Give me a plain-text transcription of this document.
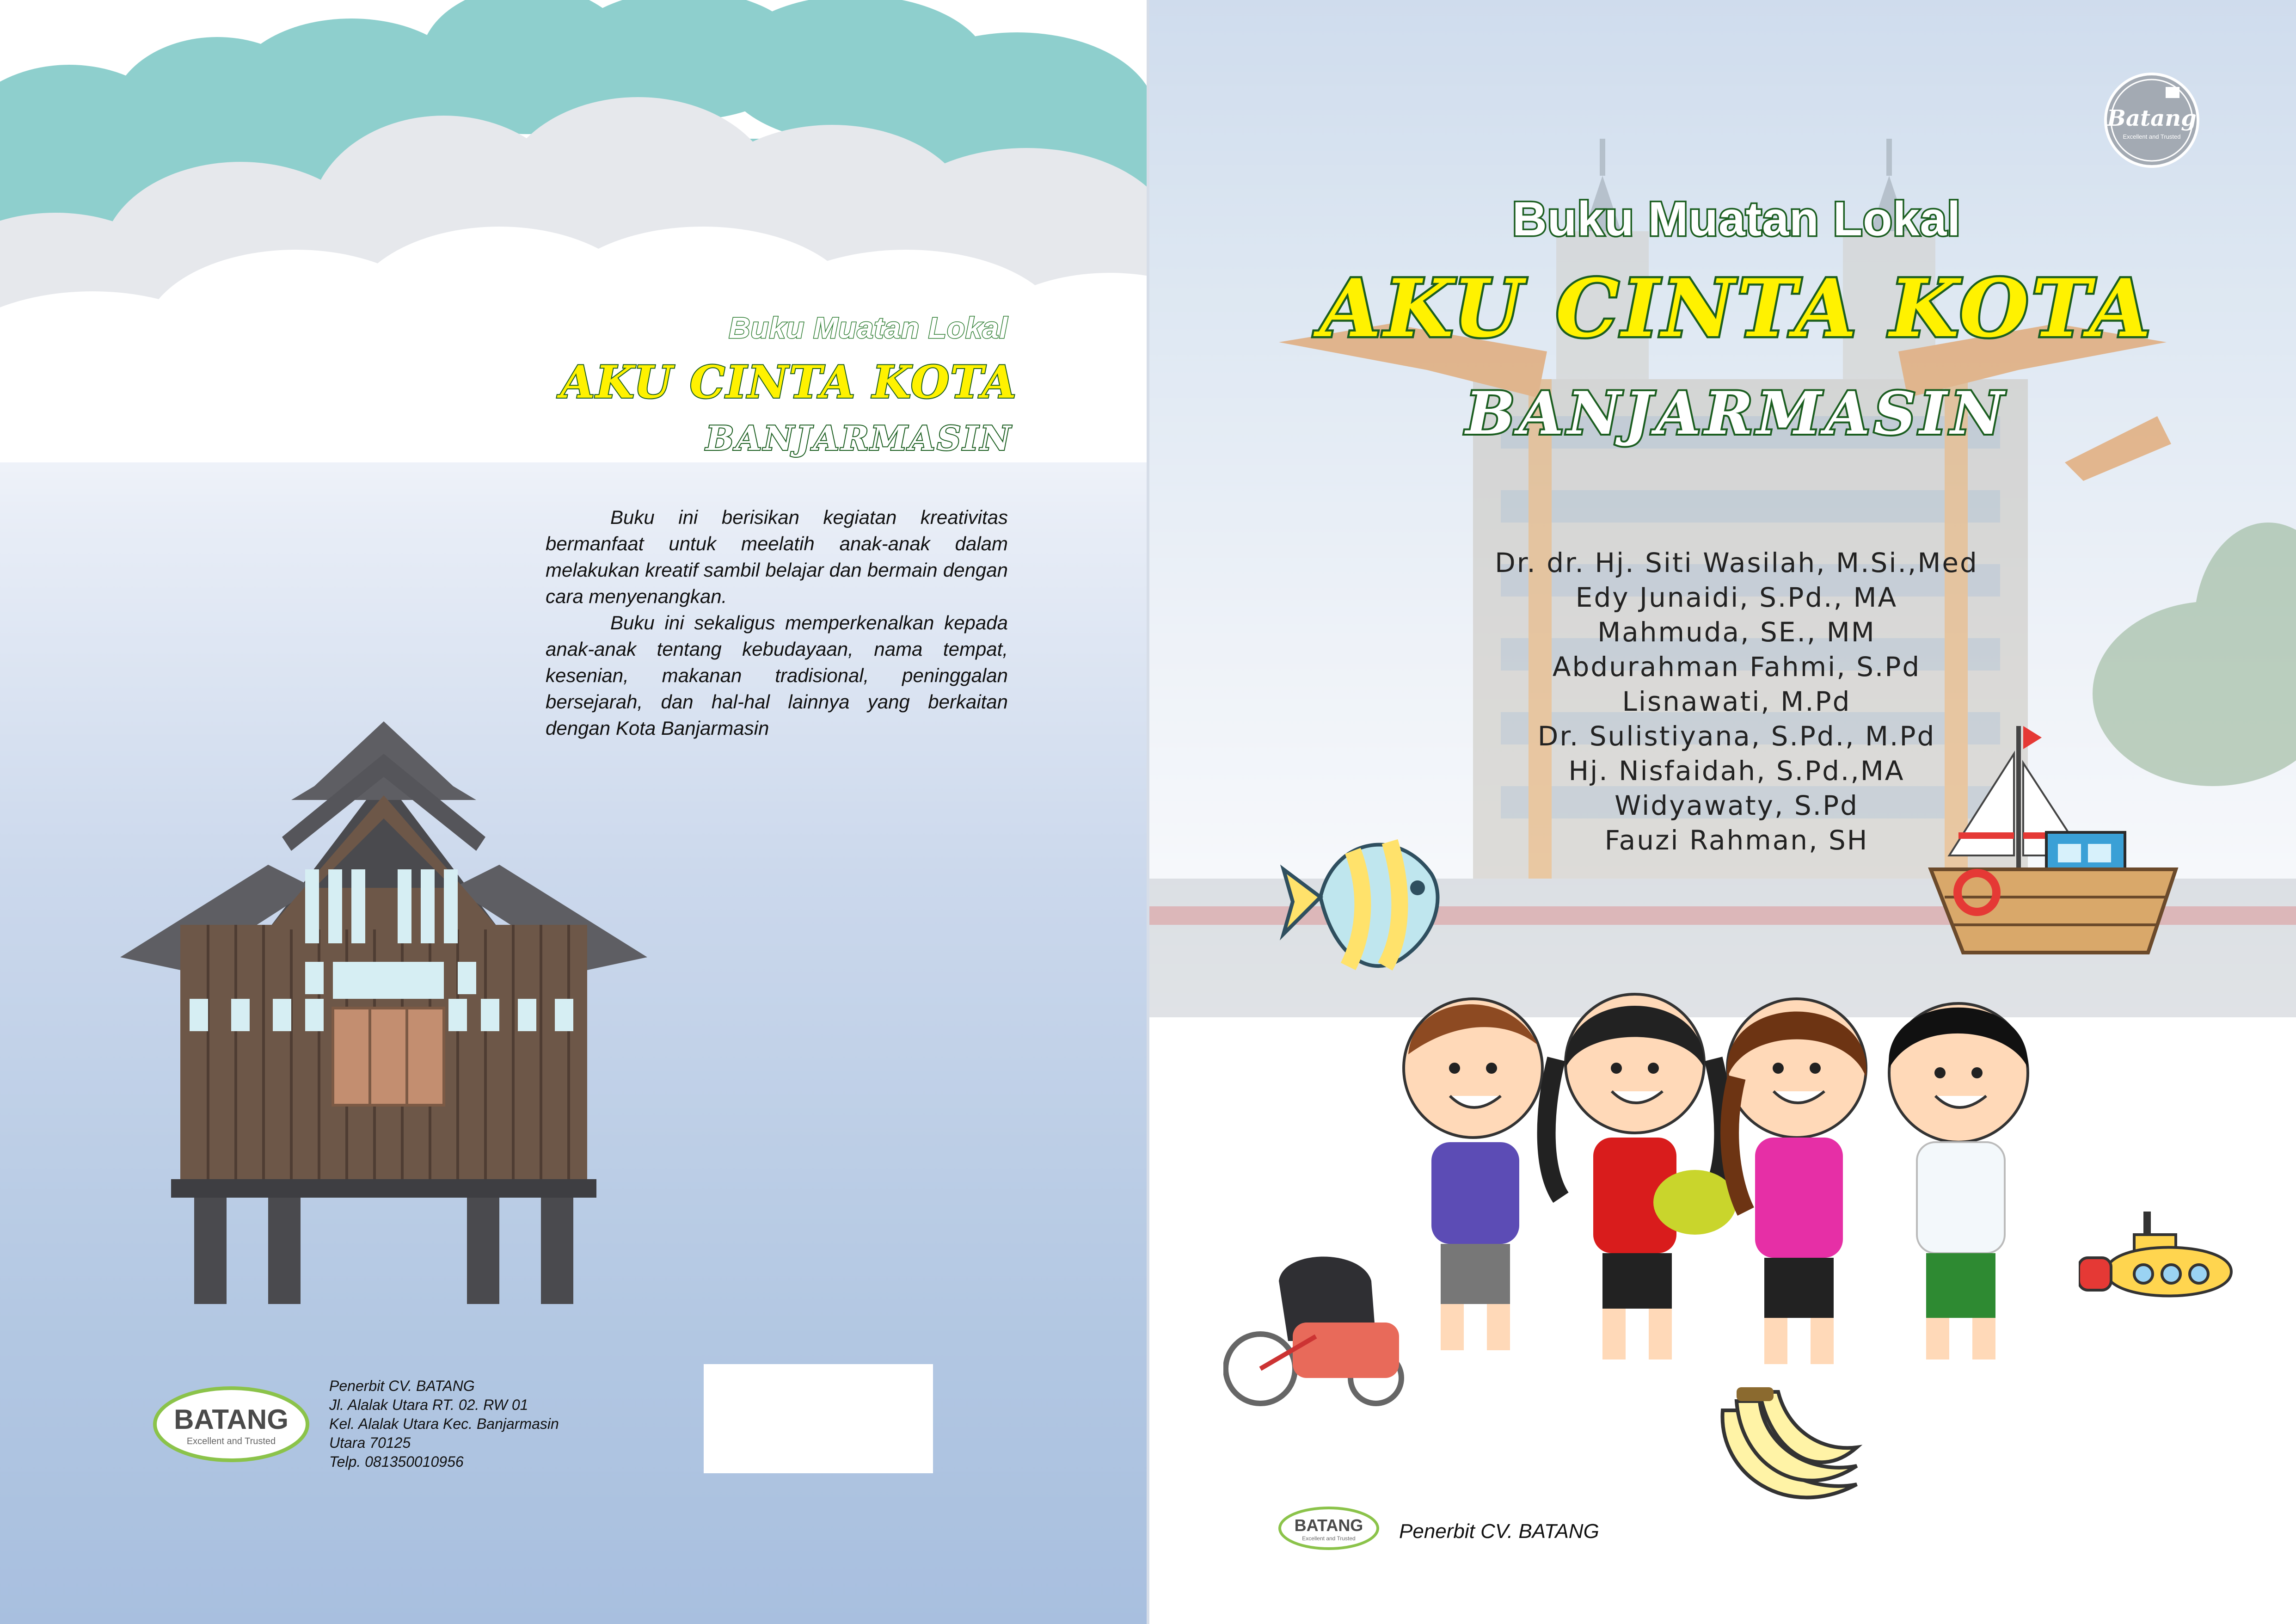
Buku Muatan Lokal
AKU CINTA KOTA
BANJARMASIN

Buku ini berisikan kegiatan kreativitas bermanfaat untuk meelatih anak-anak dalam melakukan kreatif sambil belajar dan bermain dengan cara menyenangkan.

Buku ini sekaligus memperkenalkan kepada anak-anak tentang kebudayaan, nama tempat, kesenian, makanan tradisional, peninggalan bersejarah, dan hal-hal lainnya yang berkaitan dengan Kota Banjarmasin

BATANG
Excellent and Trusted
Penerbit CV. BATANG
Jl. Alalak Utara RT. 02. RW 01
Kel. Alalak Utara Kec. Banjarmasin
Utara 70125
Telp. 081350010956
Batang
Excellent and Trusted
Buku Muatan Lokal
AKU CINTA KOTA
BANJARMASIN
Dr. dr. Hj. Siti Wasilah, M.Si.,Med
Edy Junaidi, S.Pd., MA
Mahmuda, SE., MM
Abdurahman Fahmi, S.Pd
Lisnawati, M.Pd
Dr. Sulistiyana, S.Pd., M.Pd
Hj. Nisfaidah, S.Pd.,MA
Widyawaty, S.Pd
Fauzi Rahman, SH
BATANG
Excellent and Trusted Penerbit CV. BATANG
